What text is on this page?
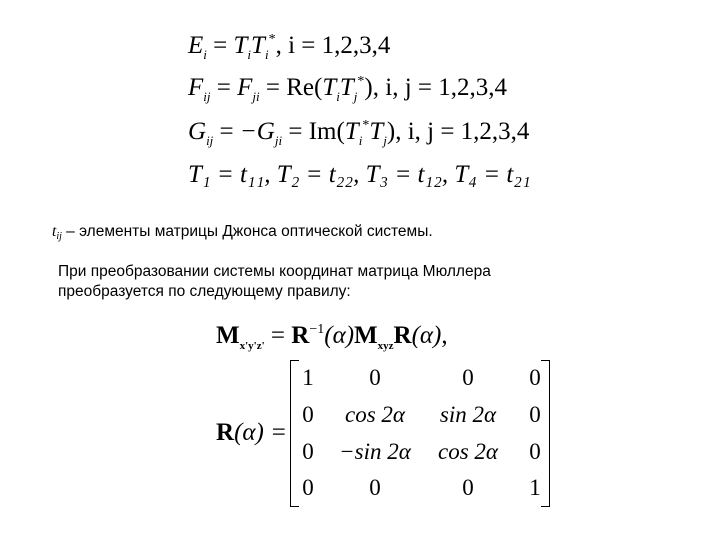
$E_i = T_iT_i^*$, i = 1,2,3,4
$F_{ij} = F_{ji} = Re(T_iT_j^*)$, i, j = 1,2,3,4
$G_{ij} = -G_{ji} = Im(T_i^*T_j)$, i, j = 1,2,3,4
T₁ = t₁₁, T₂ = t₂₂, T₃ = t₁₂, T₄ = t₂₁
$t_{ij}$ – элементы матрицы Джонса оптической системы.
При преобразовании системы координат матрица Мюллера
преобразуется по следующему правилу:
$M_{x'y'z'} = R^{-1}(\alpha)M_{xyz}R(\alpha)$,
R(α) =
1	0	0	0
0	cos 2α	sin 2α	0
0	−sin 2α	cos 2α	0
0	0	0	1
